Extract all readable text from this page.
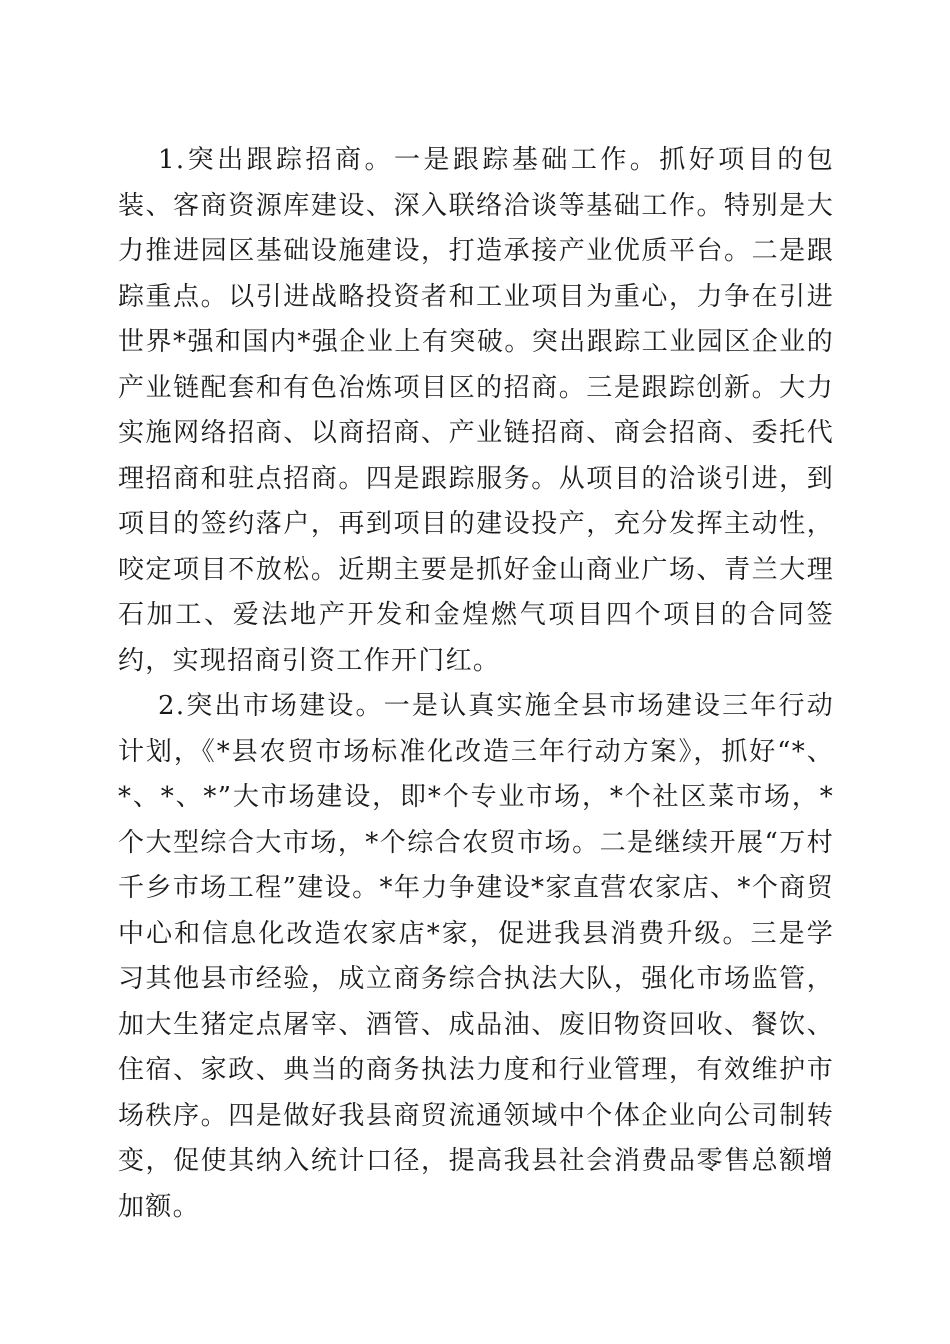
1.突出跟踪招商。一是跟踪基础工作。抓好项目的包装、客商资源库建设、深入联络洽谈等基础工作。特别是大力推进园区基础设施建设，打造承接产业优质平台。二是跟踪重点。以引进战略投资者和工业项目为重心，力争在引进世界*强和国内*强企业上有突破。突出跟踪工业园区企业的产业链配套和有色冶炼项目区的招商。三是跟踪创新。大力实施网络招商、以商招商、产业链招商、商会招商、委托代理招商和驻点招商。四是跟踪服务。从项目的洽谈引进，到项目的签约落户，再到项目的建设投产，充分发挥主动性，咬定项目不放松。近期主要是抓好金山商业广场、青兰大理石加工、爱法地产开发和金煌燃气项目四个项目的合同签约，实现招商引资工作开门红。

2.突出市场建设。一是认真实施全县市场建设三年行动计划，《*县农贸市场标准化改造三年行动方案》，抓好“*、*、*、*”大市场建设，即*个专业市场，*个社区菜市场，*个大型综合大市场，*个综合农贸市场。二是继续开展“万村千乡市场工程”建设。*年力争建设*家直营农家店、*个商贸中心和信息化改造农家店*家，促进我县消费升级。三是学习其他县市经验，成立商务综合执法大队，强化市场监管，加大生猪定点屠宰、酒管、成品油、废旧物资回收、餐饮、住宿、家政、典当的商务执法力度和行业管理，有效维护市场秩序。四是做好我县商贸流通领域中个体企业向公司制转变，促使其纳入统计口径，提高我县社会消费品零售总额增加额。
